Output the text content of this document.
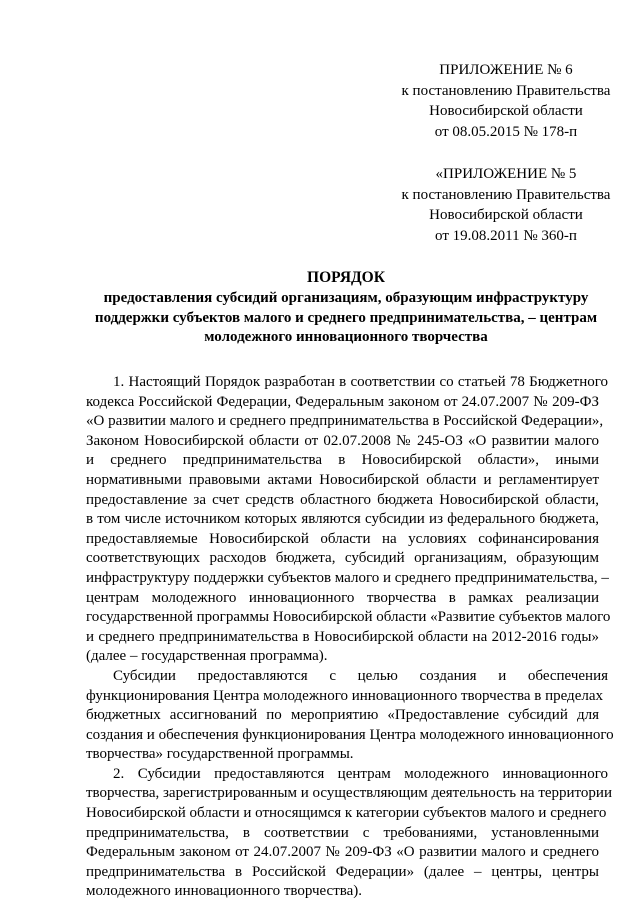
ПРИЛОЖЕНИЕ № 6
к постановлению Правительства
Новосибирской области
от 08.05.2015 № 178-п
«ПРИЛОЖЕНИЕ № 5
к постановлению Правительства
Новосибирской области
от 19.08.2011 № 360-п
ПОРЯДОК
предоставления субсидий организациям, образующим инфраструктуру
поддержки субъектов малого и среднего предпринимательства, – центрам
молодежного инновационного творчества
1. Настоящий Порядок разработан в соответствии со статьей 78 Бюджетного
кодекса Российской Федерации, Федеральным законом от 24.07.2007 № 209-ФЗ
«О развитии малого и среднего предпринимательства в Российской Федерации»,
Законом Новосибирской области от 02.07.2008 № 245-ОЗ «О развитии малого
и среднего предпринимательства в Новосибирской области», иными
нормативными правовыми актами Новосибирской области и регламентирует
предоставление за счет средств областного бюджета Новосибирской области,
в том числе источником которых являются субсидии из федерального бюджета,
предоставляемые Новосибирской области на условиях софинансирования
соответствующих расходов бюджета, субсидий организациям, образующим
инфраструктуру поддержки субъектов малого и среднего предпринимательства, –
центрам молодежного инновационного творчества в рамках реализации
государственной программы Новосибирской области «Развитие субъектов малого
и среднего предпринимательства в Новосибирской области на 2012-2016 годы»
(далее – государственная программа).
Субсидии предоставляются с целью создания и обеспечения
функционирования Центра молодежного инновационного творчества в пределах
бюджетных ассигнований по мероприятию «Предоставление субсидий для
создания и обеспечения функционирования Центра молодежного инновационного
творчества» государственной программы.
2. Субсидии предоставляются центрам молодежного инновационного
творчества, зарегистрированным и осуществляющим деятельность на территории
Новосибирской области и относящимся к категории субъектов малого и среднего
предпринимательства, в соответствии с требованиями, установленными
Федеральным законом от 24.07.2007 № 209-ФЗ «О развитии малого и среднего
предпринимательства в Российской Федерации» (далее – центры, центры
молодежного инновационного творчества).
